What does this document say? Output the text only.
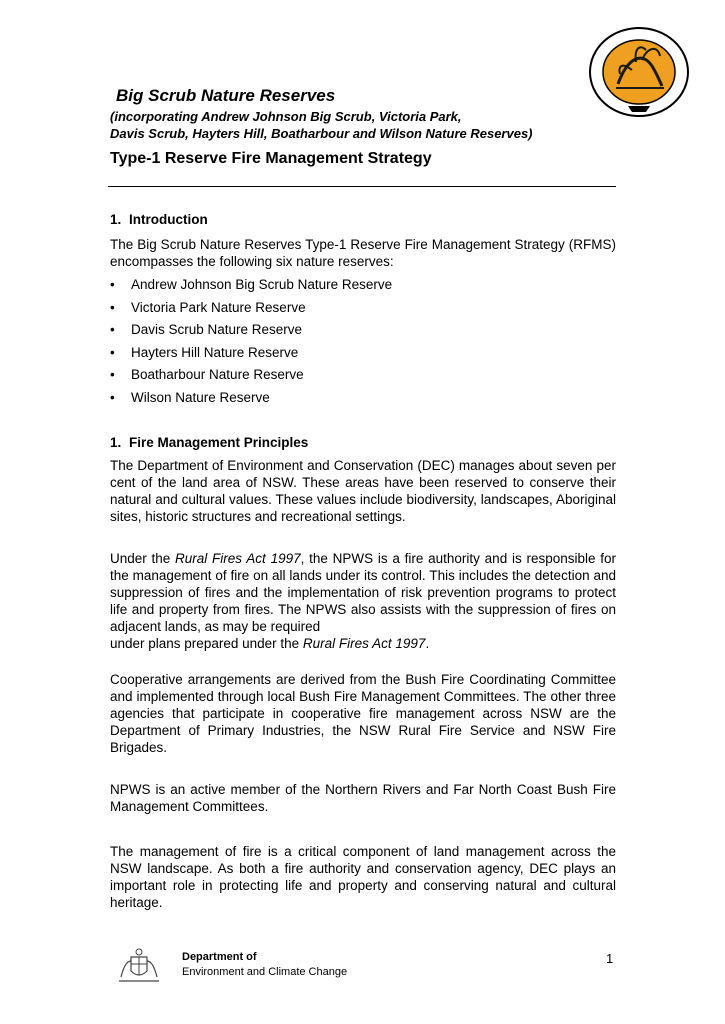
Big Scrub Nature Reserves
(incorporating Andrew Johnson Big Scrub, Victoria Park,
Davis Scrub, Hayters Hill, Boatharbour and Wilson Nature Reserves)
Type-1 Reserve Fire Management Strategy
1. Introduction
The Big Scrub Nature Reserves Type-1 Reserve Fire Management Strategy (RFMS) encompasses the following six nature reserves:
• Andrew Johnson Big Scrub Nature Reserve
• Victoria Park Nature Reserve
• Davis Scrub Nature Reserve
• Hayters Hill Nature Reserve
• Boatharbour Nature Reserve
• Wilson Nature Reserve
1. Fire Management Principles
The Department of Environment and Conservation (DEC) manages about seven per cent of the land area of NSW. These areas have been reserved to conserve their natural and cultural values. These values include biodiversity, landscapes, Aboriginal sites, historic structures and recreational settings.
Under the Rural Fires Act 1997, the NPWS is a fire authority and is responsible for the management of fire on all lands under its control. This includes the detection and suppression of fires and the implementation of risk prevention programs to protect life and property from fires. The NPWS also assists with the suppression of fires on adjacent lands, as may be required
under plans prepared under the Rural Fires Act 1997.
Cooperative arrangements are derived from the Bush Fire Coordinating Committee and implemented through local Bush Fire Management Committees. The other three agencies that participate in cooperative fire management across NSW are the Department of Primary Industries, the NSW Rural Fire Service and NSW Fire Brigades.
NPWS is an active member of the Northern Rivers and Far North Coast Bush Fire Management Committees.
The management of fire is a critical component of land management across the NSW landscape. As both a fire authority and conservation agency, DEC plays an important role in protecting life and property and conserving natural and cultural heritage.
Department of
Environment and Climate Change
1
